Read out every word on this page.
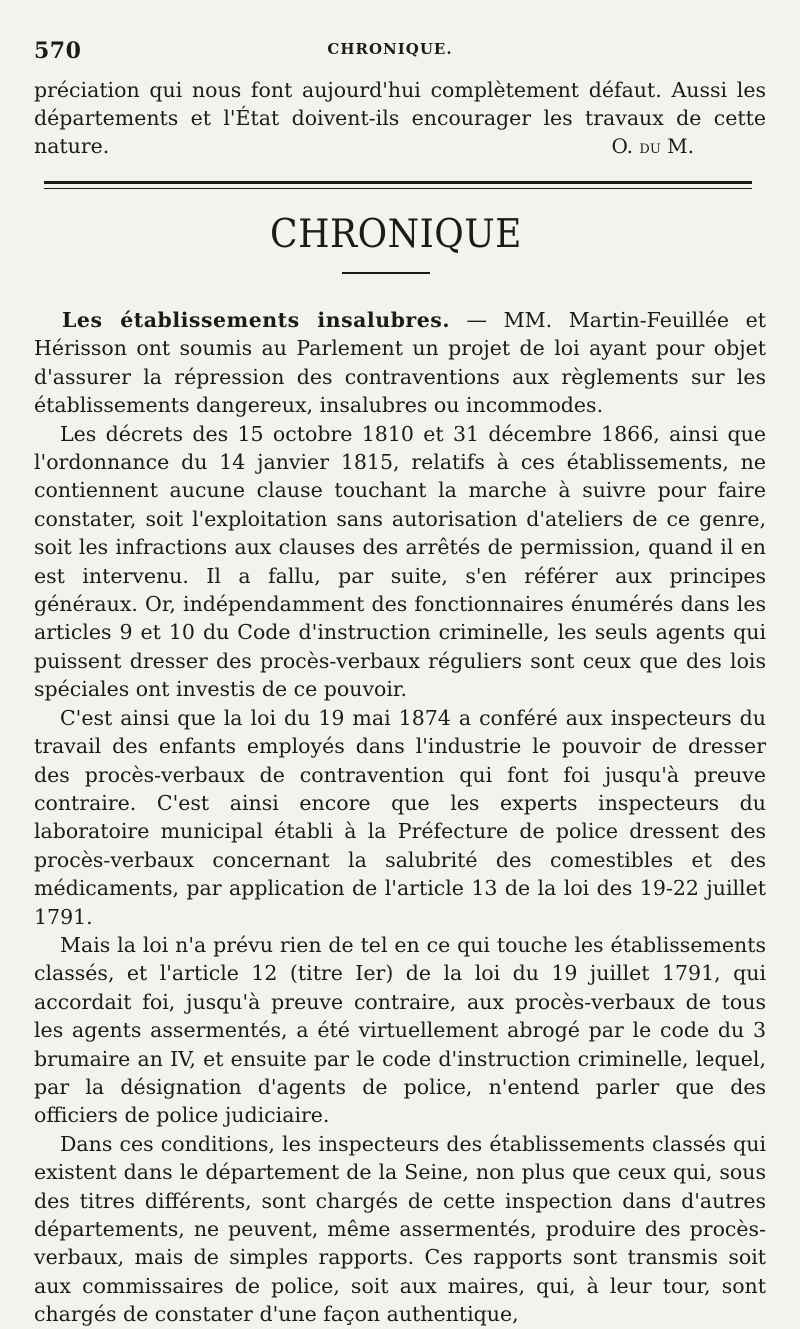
570	CHRONIQUE.

préciation qui nous font aujourd'hui complètement défaut. Aussi les départements et l'État doivent-ils encourager les travaux de cette nature.	O. du M.

CHRONIQUE

Les établissements insalubres. — MM. Martin-Feuillée et Hérisson ont soumis au Parlement un projet de loi ayant pour objet d'assurer la répression des contraventions aux règlements sur les établissements dangereux, insalubres ou incommodes.

Les décrets des 15 octobre 1810 et 31 décembre 1866, ainsi que l'ordonnance du 14 janvier 1815, relatifs à ces établissements, ne contiennent aucune clause touchant la marche à suivre pour faire constater, soit l'exploitation sans autorisation d'ateliers de ce genre, soit les infractions aux clauses des arrêtés de permission, quand il en est intervenu. Il a fallu, par suite, s'en référer aux principes généraux. Or, indépendamment des fonctionnaires énumérés dans les articles 9 et 10 du Code d'instruction criminelle, les seuls agents qui puissent dresser des procès-verbaux réguliers sont ceux que des lois spéciales ont investis de ce pouvoir.

C'est ainsi que la loi du 19 mai 1874 a conféré aux inspecteurs du travail des enfants employés dans l'industrie le pouvoir de dresser des procès-verbaux de contravention qui font foi jusqu'à preuve contraire. C'est ainsi encore que les experts inspecteurs du laboratoire municipal établi à la Préfecture de police dressent des procès-verbaux concernant la salubrité des comestibles et des médicaments, par application de l'article 13 de la loi des 19-22 juillet 1791.

Mais la loi n'a prévu rien de tel en ce qui touche les établissements classés, et l'article 12 (titre Ier) de la loi du 19 juillet 1791, qui accordait foi, jusqu'à preuve contraire, aux procès-verbaux de tous les agents assermentés, a été virtuellement abrogé par le code du 3 brumaire an IV, et ensuite par le code d'instruction criminelle, lequel, par la désignation d'agents de police, n'entend parler que des officiers de police judiciaire.

Dans ces conditions, les inspecteurs des établissements classés qui existent dans le département de la Seine, non plus que ceux qui, sous des titres différents, sont chargés de cette inspection dans d'autres départements, ne peuvent, même assermentés, produire des procès-verbaux, mais de simples rapports. Ces rapports sont transmis soit aux commissaires de police, soit aux maires, qui, à leur tour, sont chargés de constater d'une façon authentique,
